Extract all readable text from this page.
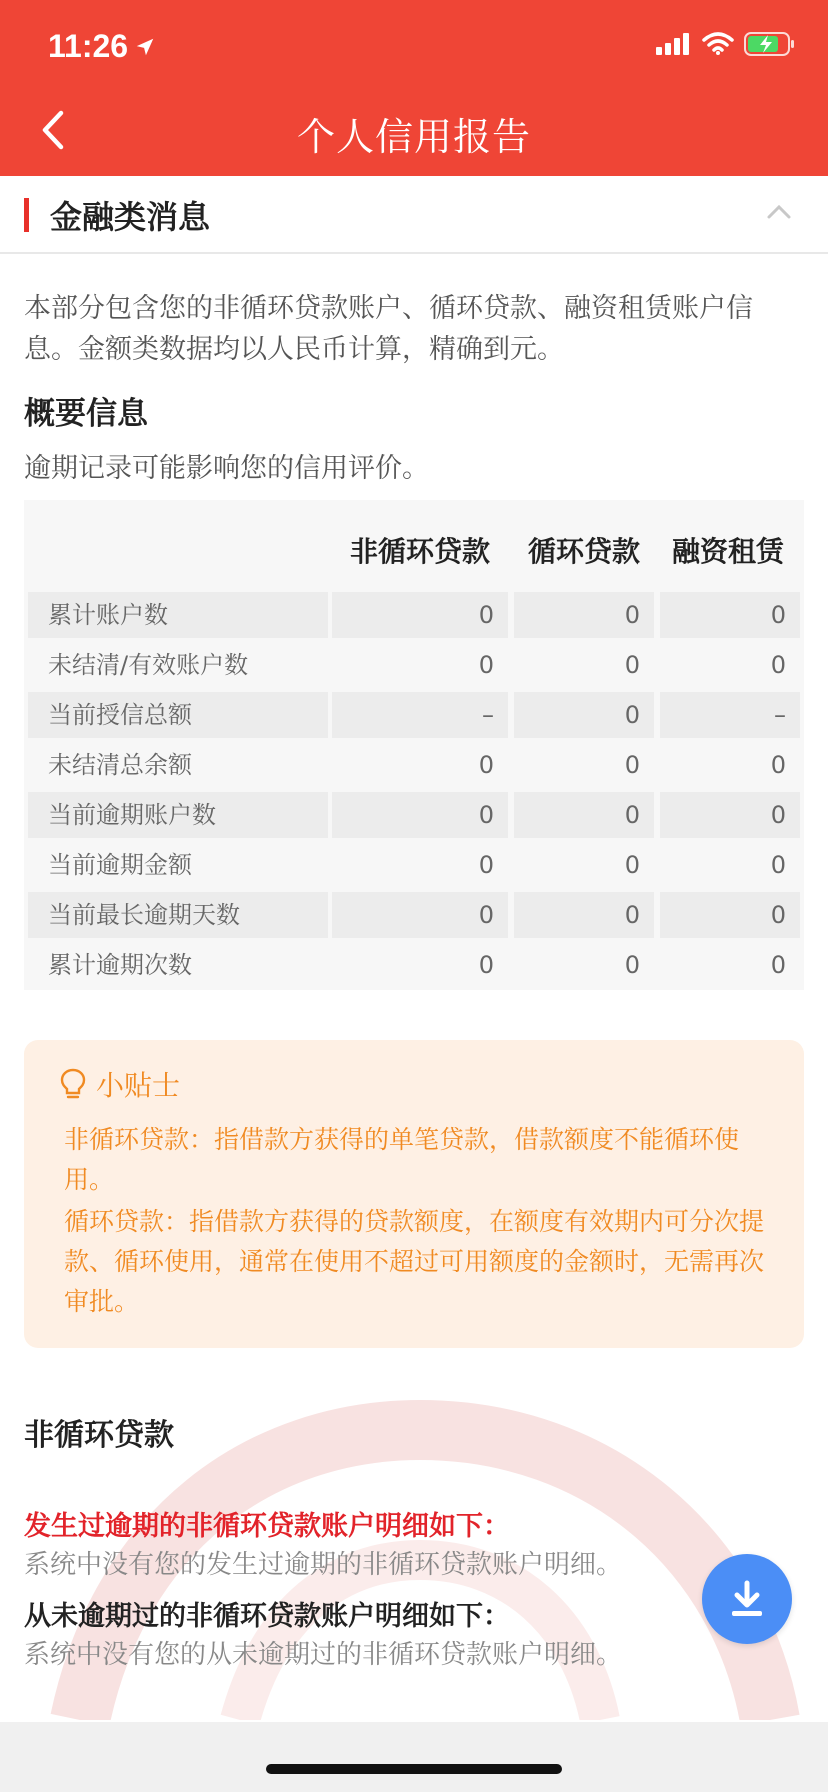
11:26
个人信用报告
金融类消息
本部分包含您的非循环贷款账户、循环贷款、融资租赁账户信息。金额类数据均以人民币计算，精确到元。
概要信息
逾期记录可能影响您的信用评价。
非循环贷款 循环贷款 融资租赁
累计账户数	0	0	0
未结清/有效账户数	0	0	0
当前授信总额	–	0	–
未结清总余额	0	0	0
当前逾期账户数	0	0	0
当前逾期金额	0	0	0
当前最长逾期天数	0	0	0
累计逾期次数	0	0	0
小贴士
非循环贷款：指借款方获得的单笔贷款，借款额度不能循环使用。
循环贷款：指借款方获得的贷款额度，在额度有效期内可分次提款、循环使用，通常在使用不超过可用额度的金额时，无需再次审批。
非循环贷款
发生过逾期的非循环贷款账户明细如下：
系统中没有您的发生过逾期的非循环贷款账户明细。
从未逾期过的非循环贷款账户明细如下：
系统中没有您的从未逾期过的非循环贷款账户明细。
